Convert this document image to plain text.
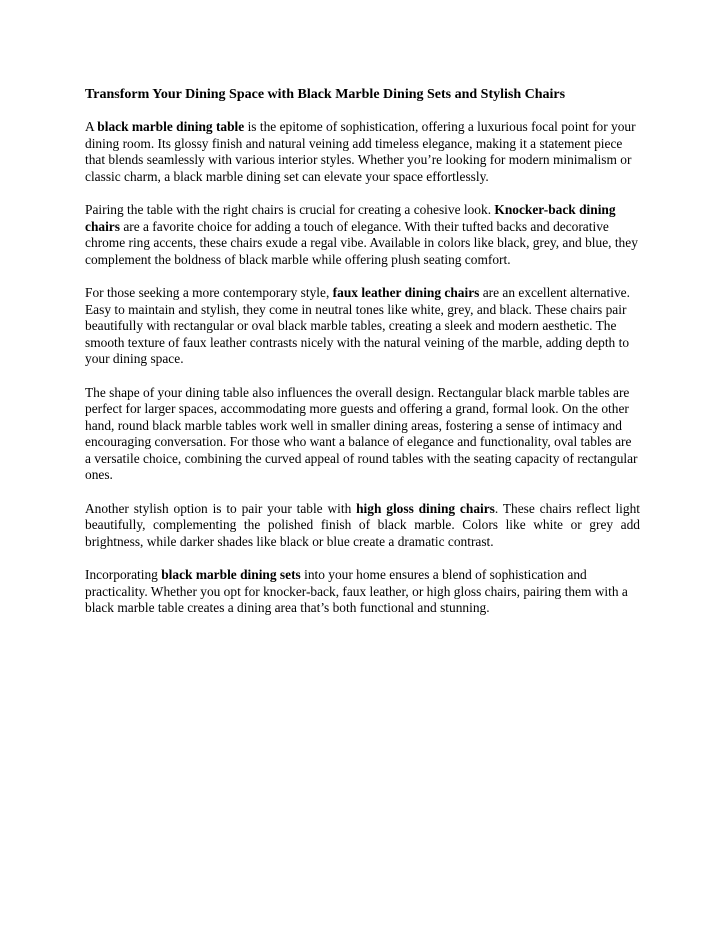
Transform Your Dining Space with Black Marble Dining Sets and Stylish Chairs

A black marble dining table is the epitome of sophistication, offering a luxurious focal point for your dining room. Its glossy finish and natural veining add timeless elegance, making it a statement piece that blends seamlessly with various interior styles. Whether you’re looking for modern minimalism or classic charm, a black marble dining set can elevate your space effortlessly.

Pairing the table with the right chairs is crucial for creating a cohesive look. Knocker-back dining chairs are a favorite choice for adding a touch of elegance. With their tufted backs and decorative chrome ring accents, these chairs exude a regal vibe. Available in colors like black, grey, and blue, they complement the boldness of black marble while offering plush seating comfort.

For those seeking a more contemporary style, faux leather dining chairs are an excellent alternative. Easy to maintain and stylish, they come in neutral tones like white, grey, and black. These chairs pair beautifully with rectangular or oval black marble tables, creating a sleek and modern aesthetic. The smooth texture of faux leather contrasts nicely with the natural veining of the marble, adding depth to your dining space.

The shape of your dining table also influences the overall design. Rectangular black marble tables are perfect for larger spaces, accommodating more guests and offering a grand, formal look. On the other hand, round black marble tables work well in smaller dining areas, fostering a sense of intimacy and encouraging conversation. For those who want a balance of elegance and functionality, oval tables are a versatile choice, combining the curved appeal of round tables with the seating capacity of rectangular ones.

Another stylish option is to pair your table with high gloss dining chairs. These chairs reflect light beautifully, complementing the polished finish of black marble. Colors like white or grey add brightness, while darker shades like black or blue create a dramatic contrast.

Incorporating black marble dining sets into your home ensures a blend of sophistication and practicality. Whether you opt for knocker-back, faux leather, or high gloss chairs, pairing them with a black marble table creates a dining area that’s both functional and stunning.
